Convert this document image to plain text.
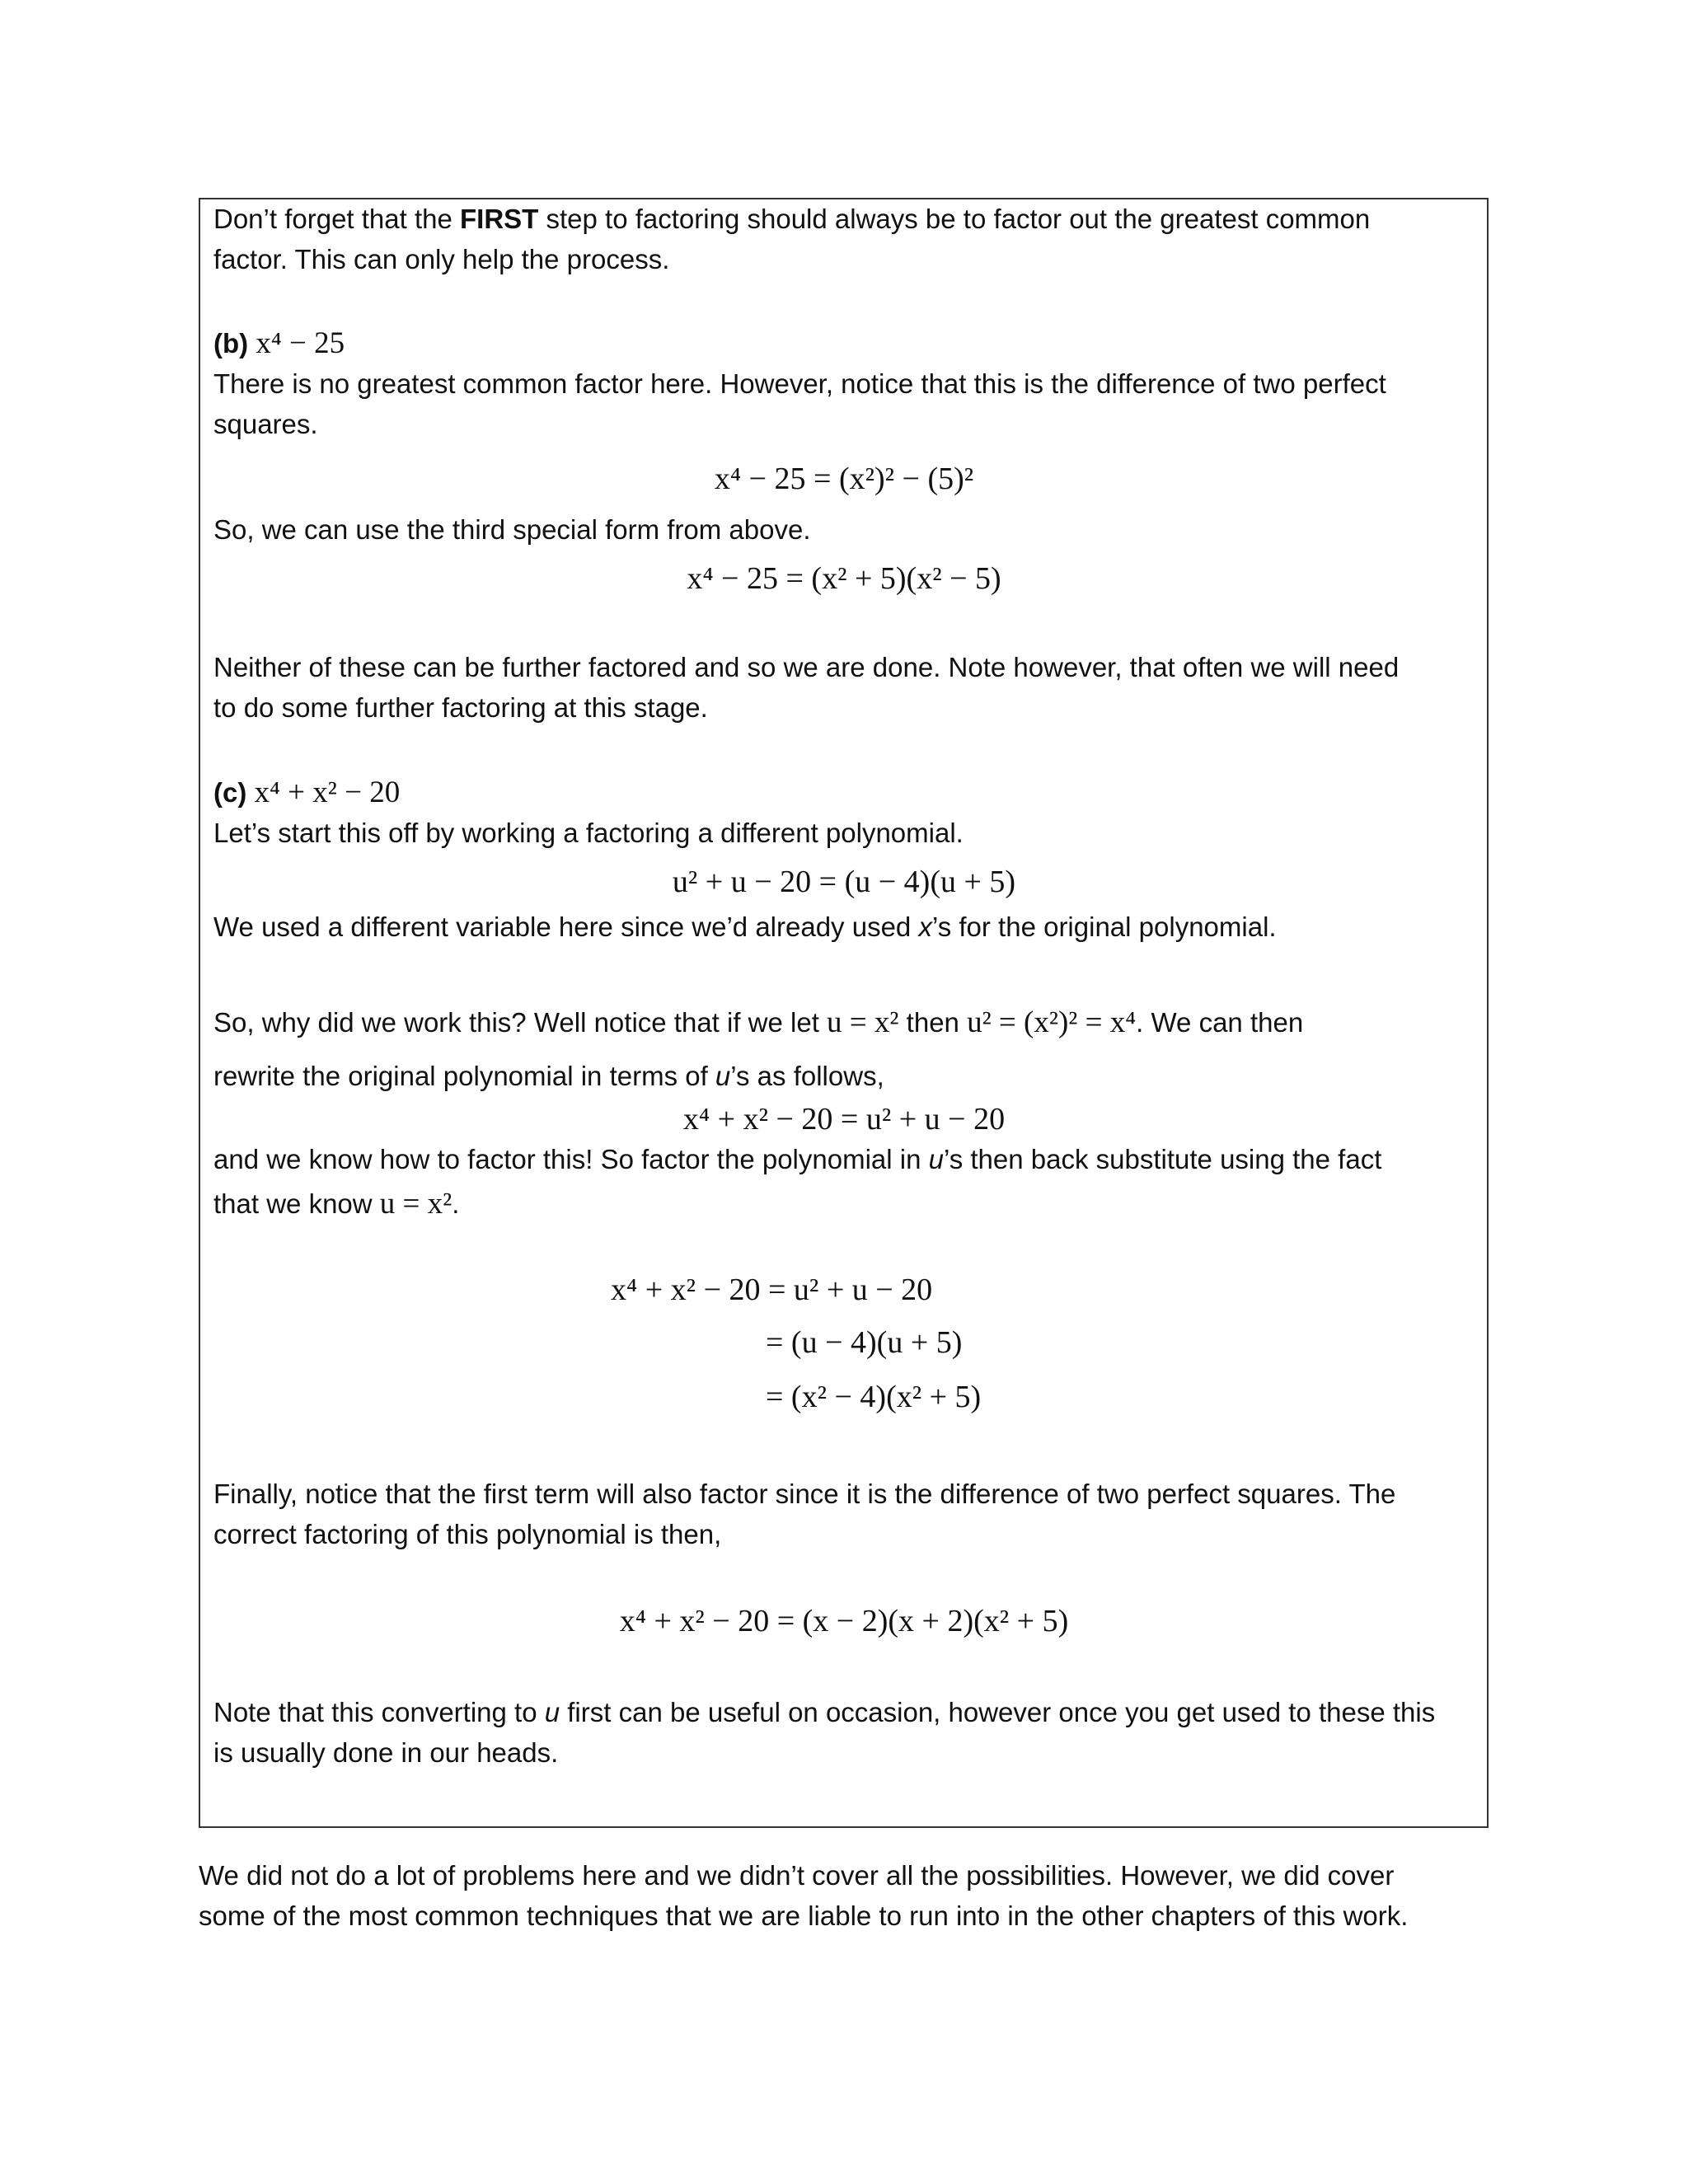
Don’t forget that the FIRST step to factoring should always be to factor out the greatest common
factor. This can only help the process.
(b) x⁴ − 25
There is no greatest common factor here. However, notice that this is the difference of two perfect
squares.
x⁴ − 25 = (x²)² − (5)²
So, we can use the third special form from above.
x⁴ − 25 = (x² + 5)(x² − 5)
Neither of these can be further factored and so we are done. Note however, that often we will need
to do some further factoring at this stage.
(c) x⁴ + x² − 20
Let’s start this off by working a factoring a different polynomial.
u² + u − 20 = (u − 4)(u + 5)
We used a different variable here since we’d already used x’s for the original polynomial.
So, why did we work this? Well notice that if we let u = x² then u² = (x²)² = x⁴. We can then
rewrite the original polynomial in terms of u’s as follows,
x⁴ + x² − 20 = u² + u − 20
and we know how to factor this! So factor the polynomial in u’s then back substitute using the fact
that we know u = x².
x⁴ + x² − 20 = u² + u − 20
= (u − 4)(u + 5)
= (x² − 4)(x² + 5)
Finally, notice that the first term will also factor since it is the difference of two perfect squares. The
correct factoring of this polynomial is then,
x⁴ + x² − 20 = (x − 2)(x + 2)(x² + 5)
Note that this converting to u first can be useful on occasion, however once you get used to these this
is usually done in our heads.
We did not do a lot of problems here and we didn’t cover all the possibilities. However, we did cover
some of the most common techniques that we are liable to run into in the other chapters of this work.
